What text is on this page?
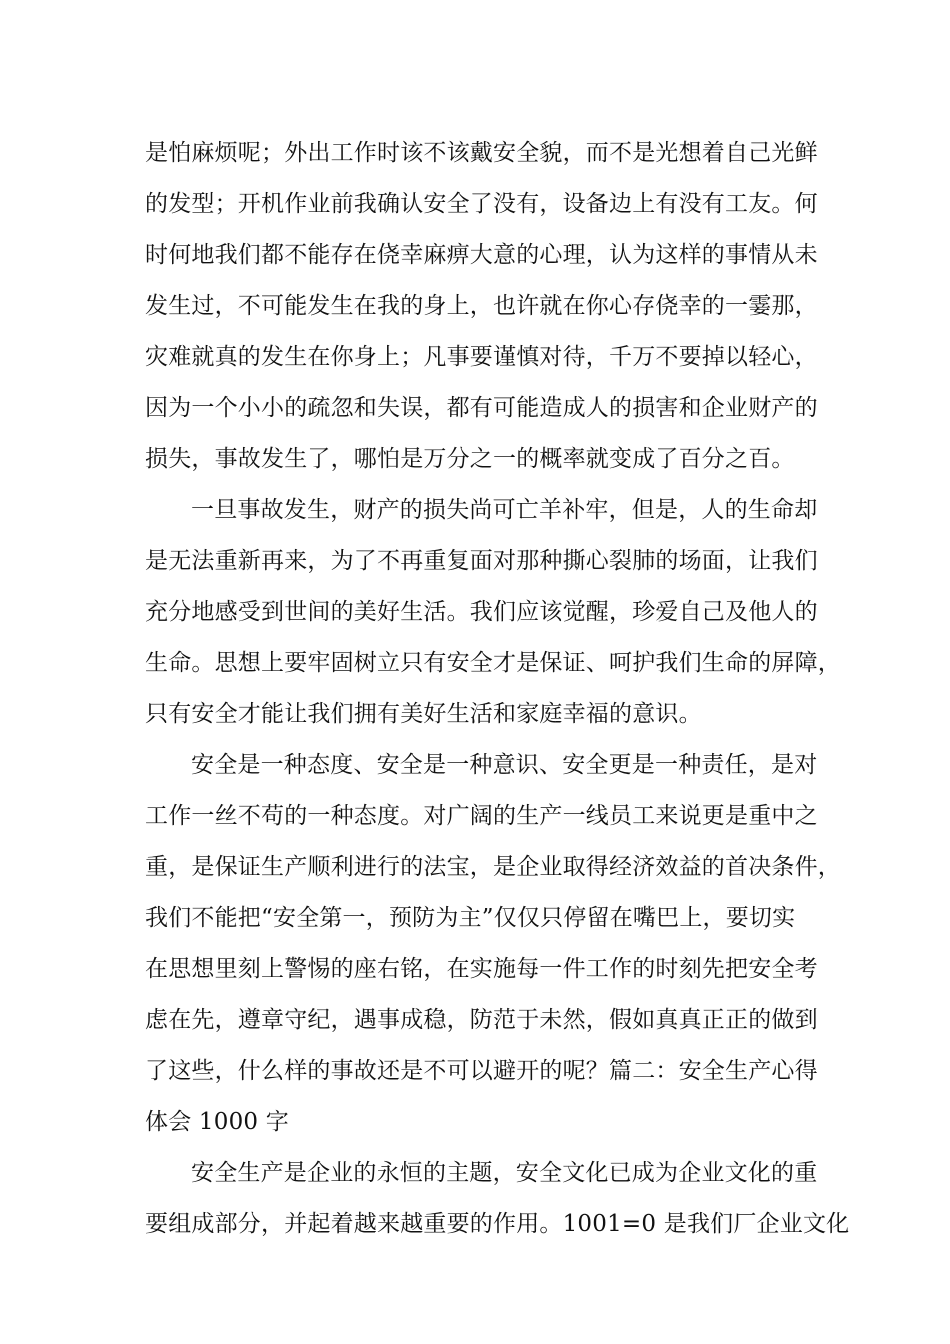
是怕麻烦呢；外出工作时该不该戴安全貌，而不是光想着自己光鲜
的发型；开机作业前我确认安全了没有，设备边上有没有工友。何
时何地我们都不能存在侥幸麻痹大意的心理，认为这样的事情从未
发生过，不可能发生在我的身上，也许就在你心存侥幸的一霎那，
灾难就真的发生在你身上；凡事要谨慎对待，千万不要掉以轻心，
因为一个小小的疏忽和失误，都有可能造成人的损害和企业财产的
损失，事故发生了，哪怕是万分之一的概率就变成了百分之百。
一旦事故发生，财产的损失尚可亡羊补牢，但是，人的生命却
是无法重新再来，为了不再重复面对那种撕心裂肺的场面，让我们
充分地感受到世间的美好生活。我们应该觉醒，珍爱自己及他人的
生命。思想上要牢固树立只有安全才是保证、呵护我们生命的屏障，
只有安全才能让我们拥有美好生活和家庭幸福的意识。
安全是一种态度、安全是一种意识、安全更是一种责任，是对
工作一丝不苟的一种态度。对广阔的生产一线员工来说更是重中之
重，是保证生产顺利进行的法宝，是企业取得经济效益的首决条件，
我们不能把“安全第一，预防为主”仅仅只停留在嘴巴上，要切实
在思想里刻上警惕的座右铭，在实施每一件工作的时刻先把安全考
虑在先，遵章守纪，遇事成稳，防范于未然，假如真真正正的做到
了这些，什么样的事故还是不可以避开的呢？篇二：安全生产心得
体会 1000 字
安全生产是企业的永恒的主题，安全文化已成为企业文化的重
要组成部分，并起着越来越重要的作用。1001=0 是我们厂企业文化
